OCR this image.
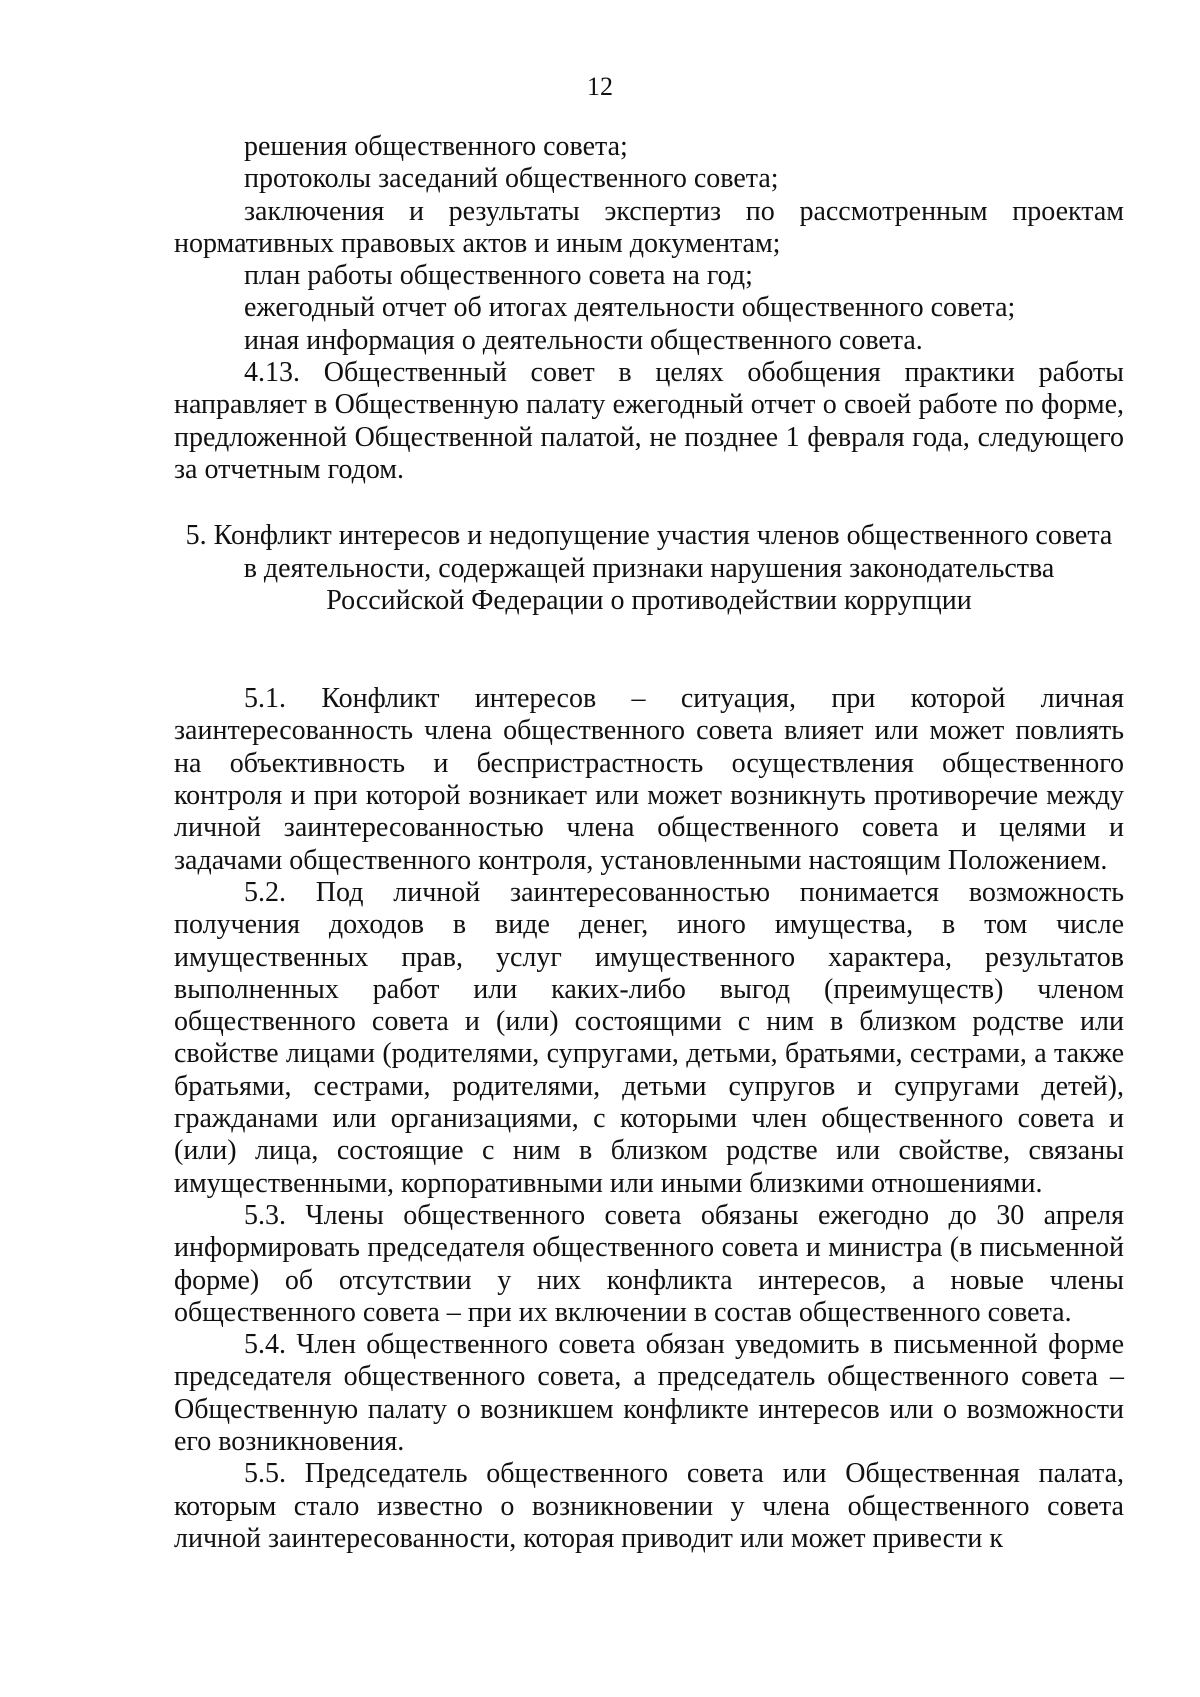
12

решения общественного совета;

протоколы заседаний общественного совета;

заключения и результаты экспертиз по рассмотренным проектам нормативных правовых актов и иным документам;

план работы общественного совета на год;

ежегодный отчет об итогах деятельности общественного совета;

иная информация о деятельности общественного совета.

4.13. Общественный совет в целях обобщения практики работы направляет в Общественную палату ежегодный отчет о своей работе по форме, предложенной Общественной палатой, не позднее 1 февраля года, следующего за отчетным годом.

5. Конфликт интересов и недопущение участия членов общественного совета
в деятельности, содержащей признаки нарушения законодательства
Российской Федерации о противодействии коррупции

5.1. Конфликт интересов – ситуация, при которой личная заинтересованность члена общественного совета влияет или может повлиять на объективность и беспристрастность осуществления общественного контроля и при которой возникает или может возникнуть противоречие между личной заинтересованностью члена общественного совета и целями и задачами общественного контроля, установленными настоящим Положением.

5.2. Под личной заинтересованностью понимается возможность получения доходов в виде денег, иного имущества, в том числе имущественных прав, услуг имущественного характера, результатов выполненных работ или каких-либо выгод (преимуществ) членом общественного совета и (или) состоящими с ним в близком родстве или свойстве лицами (родителями, супругами, детьми, братьями, сестрами, а также братьями, сестрами, родителями, детьми супругов и супругами детей), гражданами или организациями, с которыми член общественного совета и (или) лица, состоящие с ним в близком родстве или свойстве, связаны имущественными, корпоративными или иными близкими отношениями.

5.3. Члены общественного совета обязаны ежегодно до 30 апреля информировать председателя общественного совета и министра (в письменной форме) об отсутствии у них конфликта интересов, а новые члены общественного совета – при их включении в состав общественного совета.

5.4. Член общественного совета обязан уведомить в письменной форме председателя общественного совета, а председатель общественного совета – Общественную палату о возникшем конфликте интересов или о возможности его возникновения.

5.5. Председатель общественного совета или Общественная палата, которым стало известно о возникновении у члена общественного совета личной заинтересованности, которая приводит или может привести к
